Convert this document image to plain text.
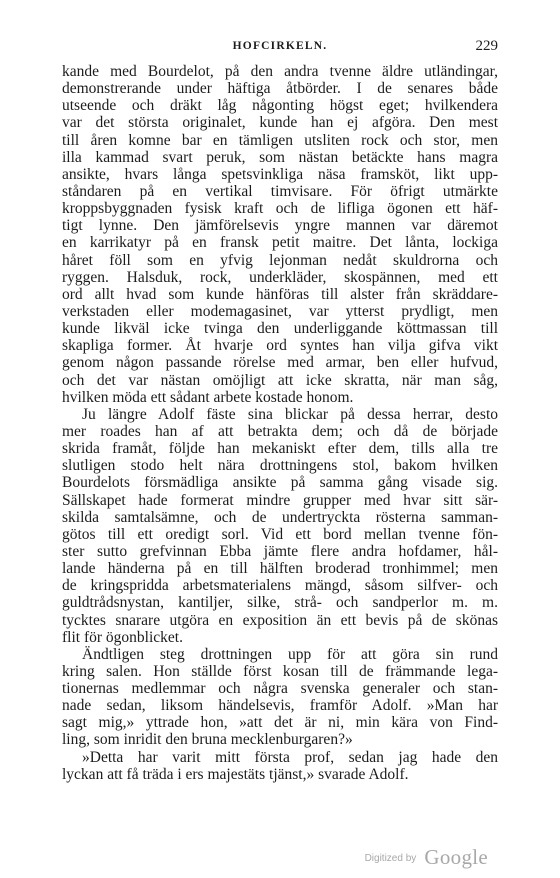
HOFCIRKELN.	229
kande med Bourdelot, på den andra tvenne äldre utländingar,
demonstrerande under häftiga åtbörder. I de senares både
utseende och dräkt låg någonting högst eget; hvilkendera
var det största originalet, kunde han ej afgöra. Den mest
till åren komne bar en tämligen utsliten rock och stor, men
illa kammad svart peruk, som nästan betäckte hans magra
ansikte, hvars långa spetsvinkliga näsa framsköt, likt upp-
ståndaren på en vertikal timvisare. För öfrigt utmärkte
kroppsbyggnaden fysisk kraft och de lifliga ögonen ett häf-
tigt lynne. Den jämförelsevis yngre mannen var däremot
en karrikatyr på en fransk petit maitre. Det lånta, lockiga
håret föll som en yfvig lejonman nedåt skuldrorna och
ryggen. Halsduk, rock, underkläder, skospännen, med ett
ord allt hvad som kunde hänföras till alster från skräddare-
verkstaden eller modemagasinet, var ytterst prydligt, men
kunde likväl icke tvinga den underliggande köttmassan till
skapliga former. Åt hvarje ord syntes han vilja gifva vikt
genom någon passande rörelse med armar, ben eller hufvud,
och det var nästan omöjligt att icke skratta, när man såg,
hvilken möda ett sådant arbete kostade honom.
Ju längre Adolf fäste sina blickar på dessa herrar, desto
mer roades han af att betrakta dem; och då de började
skrida framåt, följde han mekaniskt efter dem, tills alla tre
slutligen stodo helt nära drottningens stol, bakom hvilken
Bourdelots försmädliga ansikte på samma gång visade sig.
Sällskapet hade formerat mindre grupper med hvar sitt sär-
skilda samtalsämne, och de undertryckta rösterna samman-
götos till ett oredigt sorl. Vid ett bord mellan tvenne fön-
ster sutto grefvinnan Ebba jämte flere andra hofdamer, hål-
lande händerna på en till hälften broderad tronhimmel; men
de kringspridda arbetsmaterialens mängd, såsom silfver- och
guldtrådsnystan, kantiljer, silke, strå- och sandperlor m. m.
tycktes snarare utgöra en exposition än ett bevis på de skönas
flit för ögonblicket.
Ändtligen steg drottningen upp för att göra sin rund
kring salen. Hon ställde först kosan till de främmande lega-
tionernas medlemmar och några svenska generaler och stan-
nade sedan, liksom händelsevis, framför Adolf. »Man har
sagt mig,» yttrade hon, »att det är ni, min kära von Find-
ling, som inridit den bruna mecklenburgaren?»
»Detta har varit mitt första prof, sedan jag hade den
lyckan att få träda i ers majestäts tjänst,» svarade Adolf.
Digitized by Google
